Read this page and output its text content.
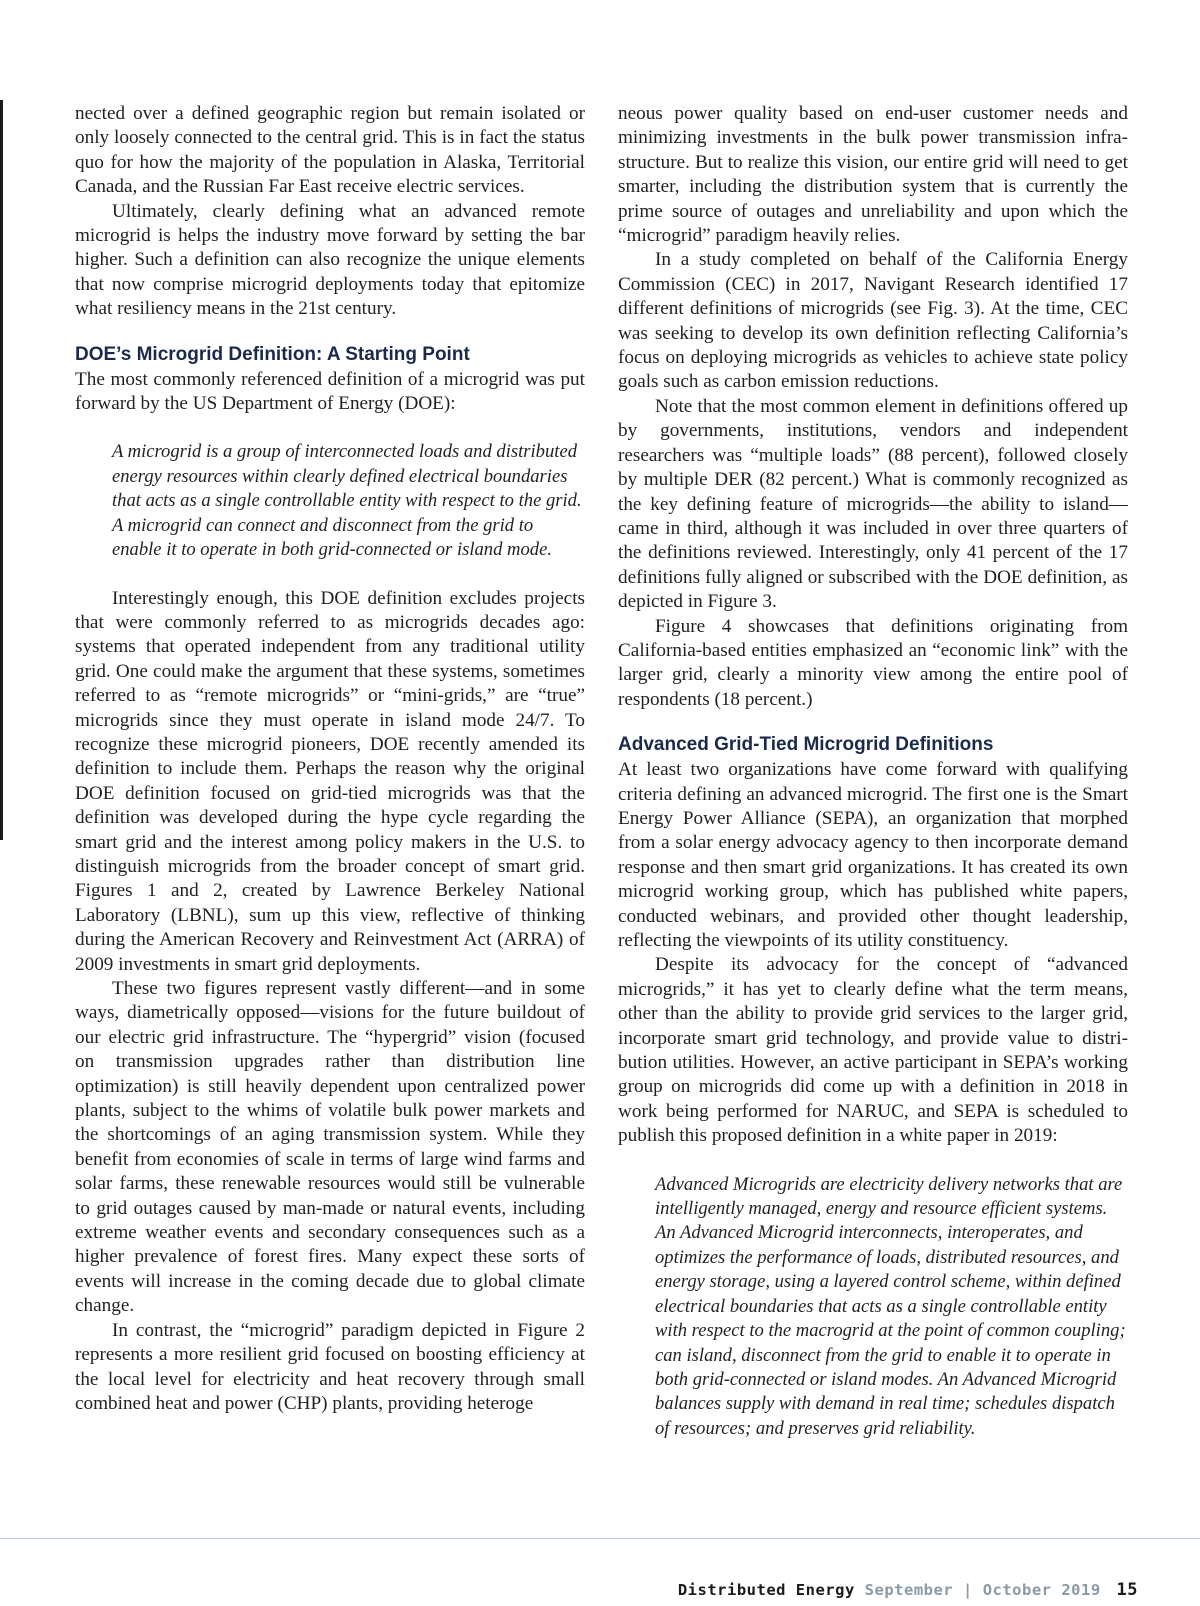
nected over a defined geographic region but remain isolated or only loosely connected to the central grid. This is in fact the status quo for how the majority of the population in Alaska, Territorial Canada, and the Russian Far East receive electric services.

Ultimately, clearly defining what an advanced remote microgrid is helps the industry move forward by setting the bar higher. Such a definition can also recognize the unique elements that now comprise microgrid deployments today that epitomize what resiliency means in the 21st century.

DOE’s Microgrid Definition: A Starting Point

The most commonly referenced definition of a microgrid was put forward by the US Department of Energy (DOE):

A microgrid is a group of interconnected loads and distributed energy resources within clearly defined electrical boundaries that acts as a single controllable entity with respect to the grid. A microgrid can connect and disconnect from the grid to enable it to operate in both grid-connected or island mode.

Interestingly enough, this DOE definition excludes projects that were commonly referred to as microgrids decades ago: systems that operated independent from any traditional utility grid. One could make the argument that these systems, sometimes referred to as “remote microgrids” or “mini-grids,” are “true” microgrids since they must operate in island mode 24/7. To recognize these microgrid pioneers, DOE recently amended its definition to include them. Perhaps the reason why the original DOE definition focused on grid-tied microgrids was that the definition was developed during the hype cycle regarding the smart grid and the interest among policy makers in the U.S. to distinguish microgrids from the broader concept of smart grid. Figures 1 and 2, created by Lawrence Berkeley National Laboratory (LBNL), sum up this view, reflective of thinking during the American Recovery and Reinvestment Act (ARRA) of 2009 investments in smart grid deployments.

These two figures represent vastly different—and in some ways, diametrically opposed—visions for the future buildout of our electric grid infrastructure. The “hypergrid” vision (focused on transmission upgrades rather than distribution line optimization) is still heavily dependent upon centralized power plants, subject to the whims of volatile bulk power markets and the shortcomings of an aging transmission system. While they benefit from economies of scale in terms of large wind farms and solar farms, these renewable resources would still be vulnerable to grid outages caused by man-made or natural events, including extreme weather events and secondary consequences such as a higher prevalence of forest fires. Many expect these sorts of events will increase in the coming decade due to global climate change.

In contrast, the “microgrid” paradigm depicted in Figure 2 represents a more resilient grid focused on boosting efficiency at the local level for electricity and heat recovery through small combined heat and power (CHP) plants, providing heteroge

neous power quality based on end-user customer needs and minimizing investments in the bulk power transmission infrastructure. But to realize this vision, our entire grid will need to get smarter, including the distribution system that is currently the prime source of outages and unreliability and upon which the “microgrid” paradigm heavily relies.

In a study completed on behalf of the California Energy Commission (CEC) in 2017, Navigant Research identified 17 different definitions of microgrids (see Fig. 3). At the time, CEC was seeking to develop its own definition reflecting California’s focus on deploying microgrids as vehicles to achieve state policy goals such as carbon emission reductions.

Note that the most common element in definitions offered up by governments, institutions, vendors and independent researchers was “multiple loads” (88 percent), followed closely by multiple DER (82 percent.) What is commonly recognized as the key defining feature of microgrids—the ability to island—came in third, although it was included in over three quarters of the definitions reviewed. Interestingly, only 41 percent of the 17 definitions fully aligned or subscribed with the DOE definition, as depicted in Figure 3.

Figure 4 showcases that definitions originating from California-based entities emphasized an “economic link” with the larger grid, clearly a minority view among the entire pool of respondents (18 percent.)

Advanced Grid-Tied Microgrid Definitions

At least two organizations have come forward with qualifying criteria defining an advanced microgrid. The first one is the Smart Energy Power Alliance (SEPA), an organization that morphed from a solar energy advocacy agency to then incorporate demand response and then smart grid organizations. It has created its own microgrid working group, which has published white papers, conducted webinars, and provided other thought leadership, reflecting the viewpoints of its utility constituency.

Despite its advocacy for the concept of “advanced microgrids,” it has yet to clearly define what the term means, other than the ability to provide grid services to the larger grid, incorporate smart grid technology, and provide value to distribution utilities. However, an active participant in SEPA’s working group on microgrids did come up with a definition in 2018 in work being performed for NARUC, and SEPA is scheduled to publish this proposed definition in a white paper in 2019:

Advanced Microgrids are electricity delivery networks that are intelligently managed, energy and resource efficient systems. An Advanced Microgrid interconnects, interoperates, and optimizes the performance of loads, distributed resources, and energy storage, using a layered control scheme, within defined electrical boundaries that acts as a single controllable entity with respect to the macrogrid at the point of common coupling; can island, disconnect from the grid to enable it to operate in both grid-connected or island modes. An Advanced Microgrid balances supply with demand in real time; schedules dispatch of resources; and preserves grid reliability.
Distributed Energy September | October 2019 15
